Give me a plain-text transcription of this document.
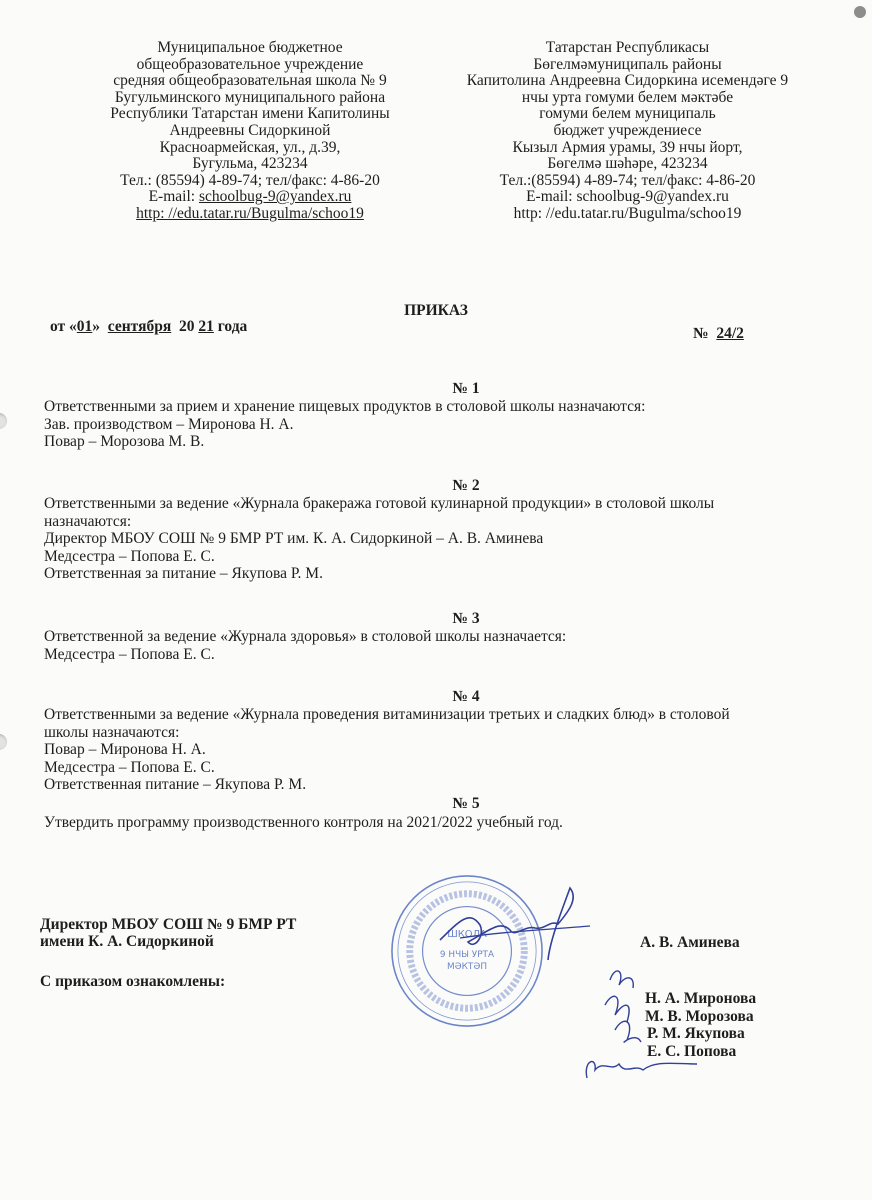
Муниципальное бюджетное
общеобразовательное учреждение
средняя общеобразовательная школа № 9
Бугульминского муниципального района
Республики Татарстан имени Капитолины
Андреевны Сидоркиной
Красноармейская, ул., д.39,
Бугульма, 423234
Тел.: (85594) 4-89-74; тел/факс: 4-86-20
E-mail: schoolbug-9@yandex.ru
http: //edu.tatar.ru/Bugulma/schoo19
Татарстан Республикасы
Бөгелмәмуниципаль районы
Капитолина Андреевна Сидоркина исемендәге 9
нчы урта гомуми белем мәктәбе
гомуми белем муниципаль
бюджет учреждениесе
Кызыл Армия урамы, 39 нчы йорт,
Бөгелмә шәһәре, 423234
Тел.:(85594) 4-89-74; тел/факс: 4-86-20
E-mail: schoolbug-9@yandex.ru
http: //edu.tatar.ru/Bugulma/schoo19
ПРИКАЗ
от «01»  сентября  20 21 года	№  24/2
№ 1
Ответственными за прием и хранение пищевых продуктов в столовой школы назначаются:
Зав. производством – Миронова Н. А.
Повар – Морозова М. В.
№ 2
Ответственными за ведение «Журнала бракеража готовой кулинарной продукции» в столовой школы
назначаются:
Директор МБОУ СОШ № 9 БМР РТ им. К. А. Сидоркиной – А. В. Аминева
Медсестра – Попова Е. С.
Ответственная за питание – Якупова Р. М.
№ 3
Ответственной за ведение «Журнала здоровья» в столовой школы назначается:
Медсестра – Попова Е. С.
№ 4
Ответственными за ведение «Журнала проведения витаминизации третьих и сладких блюд» в столовой
школы назначаются:
Повар – Миронова Н. А.
Медсестра – Попова Е. С.
Ответственная питание – Якупова Р. М.
№ 5
Утвердить программу производственного контроля на 2021/2022 учебный год.
Директор МБОУ СОШ № 9 БМР РТ
имени К. А. Сидоркиной	А. В. Аминева
С приказом ознакомлены:
Н. А. Миронова
М. В. Морозова
Р. М. Якупова
Е. С. Попова
ШКОЛА
9 НЧЫ УРТА
МӘКТӘП
